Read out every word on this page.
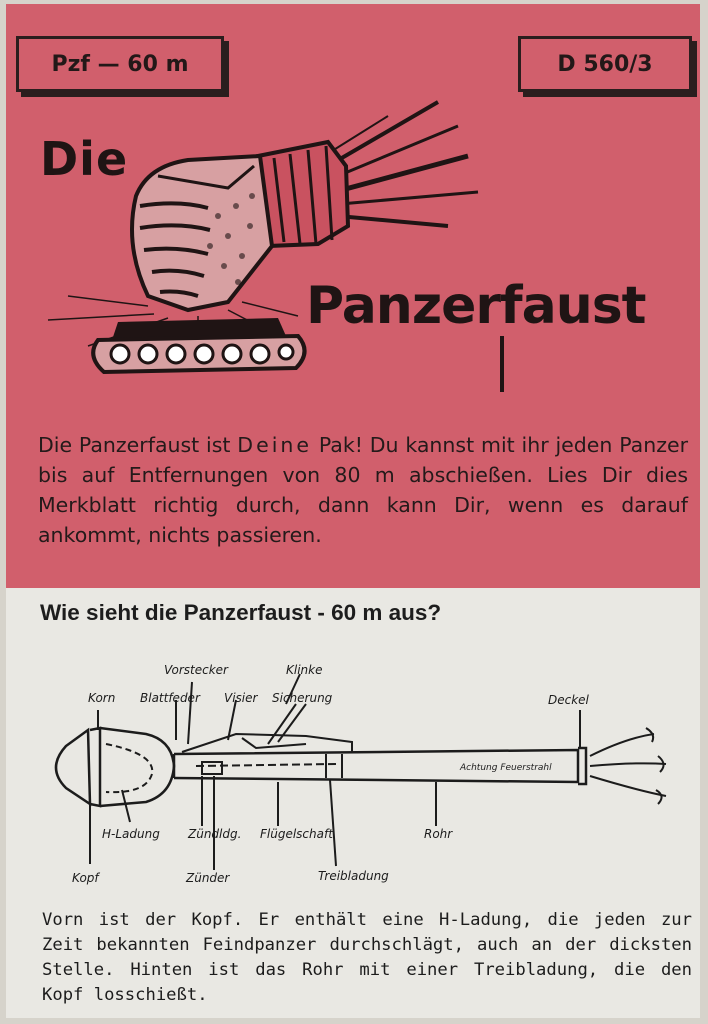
Pzf — 60 m	D 560/3
Die
Panzerfaust

Die Panzerfaust ist Deine Pak! Du kannst mit ihr jeden Panzer bis auf Entfernungen von 80 m abschießen. Lies Dir dies Merkblatt richtig durch, dann kann Dir, wenn es darauf ankommt, nichts passieren.

Wie sieht die Panzerfaust - 60 m aus?
Korn Blattfeder
Vorstecker
Visier
Klinke
Sicherung	Deckel
Achtung Feuerstrahl
H-Ladung Zündldg. Flügelschaft	Rohr
Kopf	Zünder	Treibladung

Vorn ist der Kopf. Er enthält eine H-Ladung, die jeden zur Zeit bekannten Feindpanzer durchschlägt, auch an der dicksten Stelle. Hinten ist das Rohr mit einer Treibladung, die den Kopf losschießt.
